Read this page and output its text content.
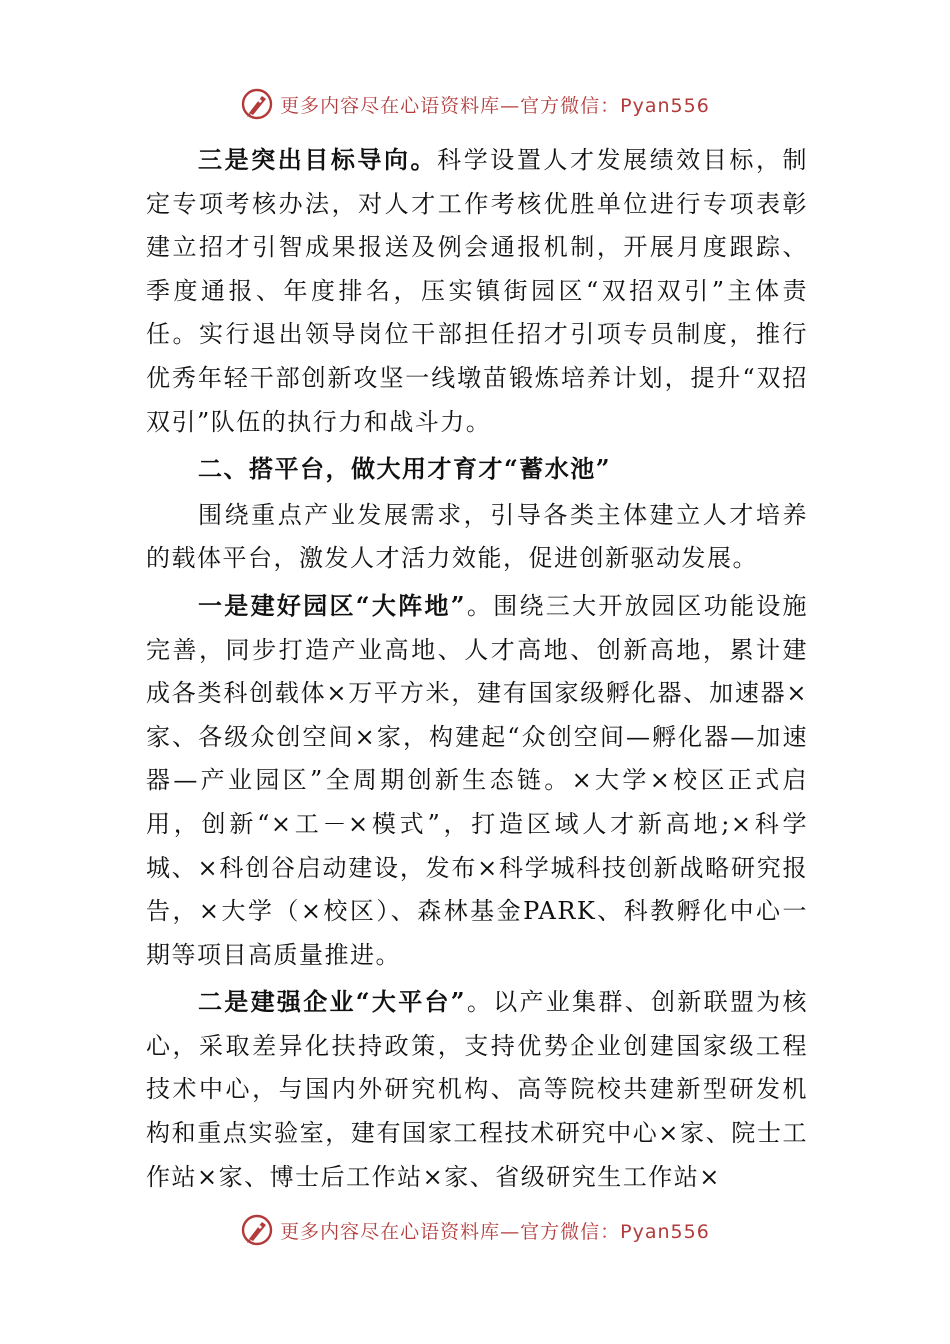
更多内容尽在心语资料库—官方微信：Pyan556

三是突出目标导向。科学设置人才发展绩效目标，制定专项考核办法，对人才工作考核优胜单位进行专项表彰建立招才引智成果报送及例会通报机制，开展月度跟踪、季度通报、年度排名，压实镇街园区“双招双引”主体责任。实行退出领导岗位干部担任招才引项专员制度，推行优秀年轻干部创新攻坚一线墩苗锻炼培养计划，提升“双招双引”队伍的执行力和战斗力。

二、搭平台，做大用才育才“蓄水池”

围绕重点产业发展需求，引导各类主体建立人才培养的载体平台，激发人才活力效能，促进创新驱动发展。

一是建好园区“大阵地”。围绕三大开放园区功能设施完善，同步打造产业高地、人才高地、创新高地，累计建成各类科创载体×万平方米，建有国家级孵化器、加速器×家、各级众创空间×家，构建起“众创空间—孵化器—加速器—产业园区”全周期创新生态链。×大学×校区正式启用，创新“×工－×模式”，打造区域人才新高地;×科学城、×科创谷启动建设，发布×科学城科技创新战略研究报告，×大学（×校区）、森林基金PARK、科教孵化中心一期等项目高质量推进。

二是建强企业“大平台”。以产业集群、创新联盟为核心，采取差异化扶持政策，支持优势企业创建国家级工程技术中心，与国内外研究机构、高等院校共建新型研发机构和重点实验室，建有国家工程技术研究中心×家、院士工作站×家、博士后工作站×家、省级研究生工作站×

更多内容尽在心语资料库—官方微信：Pyan556
